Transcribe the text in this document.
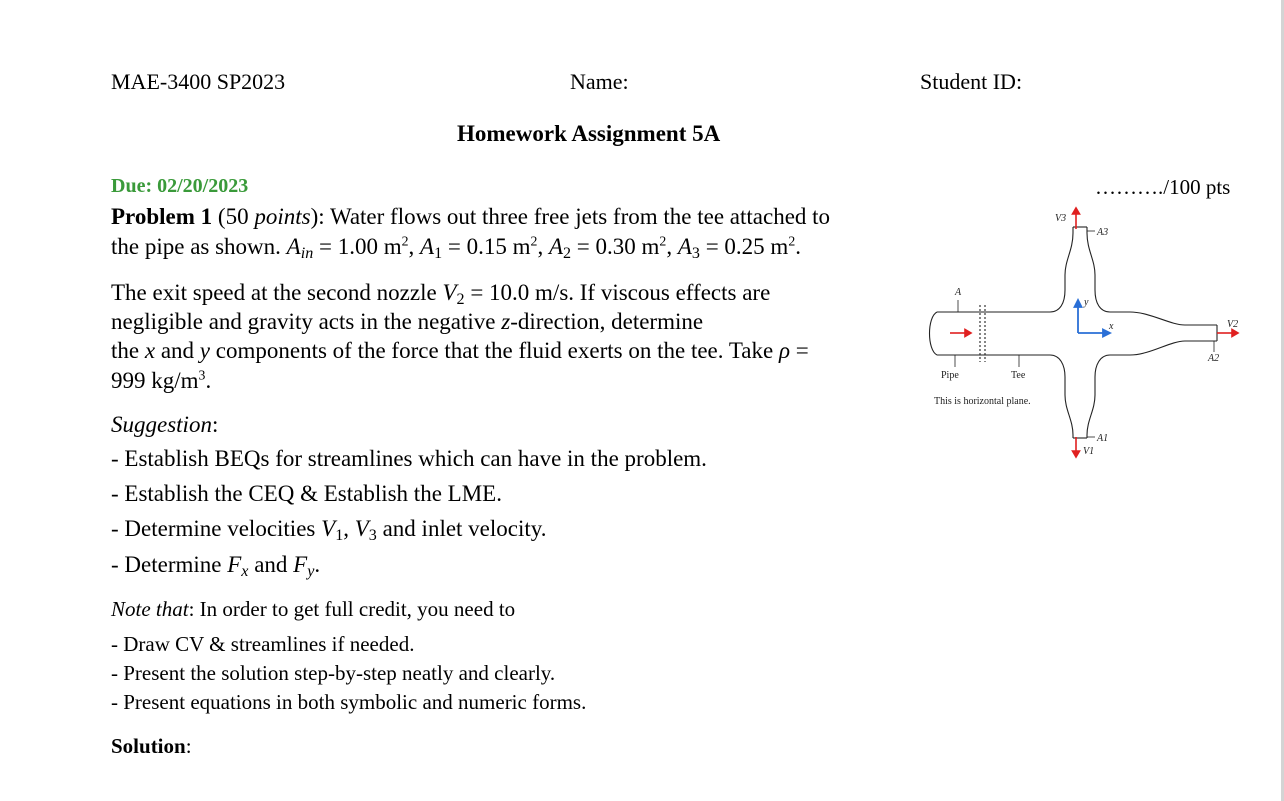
MAE-3400 SP2023	Name:	Student ID:
Homework Assignment 5A
Due: 02/20/2023	………./100 pts
Problem 1 (50 points): Water flows out three free jets from the tee attached to
the pipe as shown. $A_{in} = 1.00$ $m^2$, $A_1 = 0.15$ $m^2$, $A_2 = 0.30$ $m^2$, $A_3 = 0.25$ $m^2$.
The exit speed at the second nozzle $V_2 = 10.0$ m/s. If viscous effects are
negligible and gravity acts in the negative z-direction, determine
the x and y components of the force that the fluid exerts on the tee. Take ρ =
999 $kg/m^3$.
Suggestion:
- Establish BEQs for streamlines which can have in the problem.
- Establish the CEQ & Establish the LME.
- Determine velocities $V_1$, $V_3$ and inlet velocity.
- Determine $F_x$ and $F_y$.
Note that: In order to get full credit, you need to
- Draw CV & streamlines if needed.
- Present the solution step-by-step neatly and clearly.
- Present equations in both symbolic and numeric forms.
Solution:
A
V3
A3
y
x	V2
A2
Pipe	Tee
This is horizontal plane.
A1
V1
